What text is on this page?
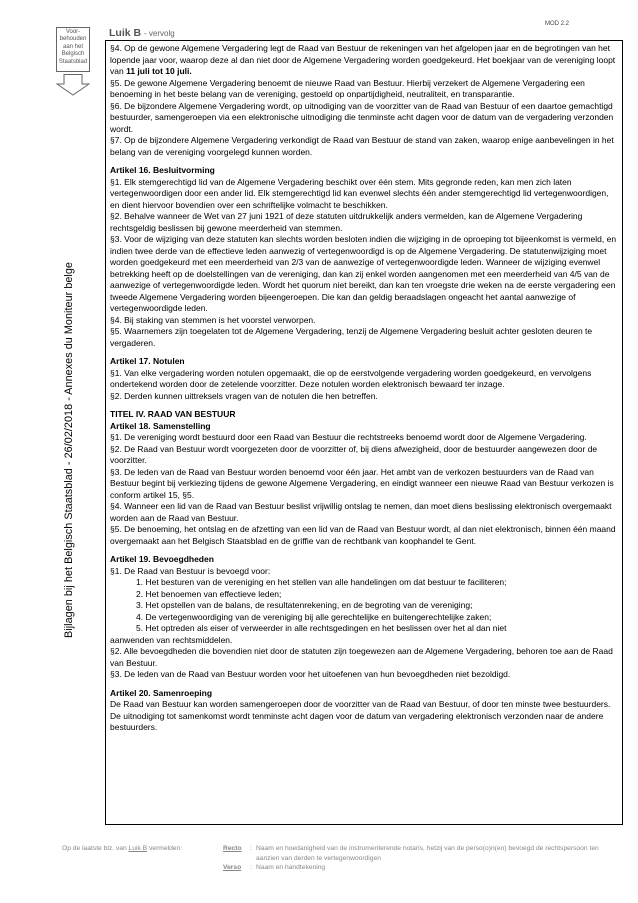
Voor-
behouden
aan het
Belgisch
Staatsblad
Bijlagen bij het Belgisch Staatsblad - 26/02/2018 - Annexes du Moniteur belge
Luik B - vervolg
MOD 2.2

§4. Op de gewone Algemene Vergadering legt de Raad van Bestuur de rekeningen van het afgelopen jaar en de begrotingen van het lopende jaar voor, waarop deze al dan niet door de Algemene Vergadering worden goedgekeurd. Het boekjaar van de vereniging loopt van 11 juli tot 10 juli.

§5. De gewone Algemene Vergadering benoemt de nieuwe Raad van Bestuur. Hierbij verzekert de Algemene Vergadering een benoeming in het beste belang van de vereniging, gestoeld op onpartijdigheid, neutraliteit, en transparantie.

§6. De bijzondere Algemene Vergadering wordt, op uitnodiging van de voorzitter van de Raad van Bestuur of een daartoe gemachtigd bestuurder, samengeroepen via een elektronische uitnodiging die tenminste acht dagen voor de datum van de vergadering verzonden wordt.

§7. Op de bijzondere Algemene Vergadering verkondigt de Raad van Bestuur de stand van zaken, waarop enige aanbevelingen in het belang van de vereniging voorgelegd kunnen worden.

Artikel 16. Besluitvorming

§1. Elk stemgerechtigd lid van de Algemene Vergadering beschikt over één stem. Mits gegronde reden, kan men zich laten vertegenwoordigen door een ander lid. Elk stemgerechtigd lid kan evenwel slechts één ander stemgerechtigd lid vertegenwoordigen, en dient hiervoor bovendien over een schriftelijke volmacht te beschikken.

§2. Behalve wanneer de Wet van 27 juni 1921 of deze statuten uitdrukkelijk anders vermelden, kan de Algemene Vergadering rechtsgeldig beslissen bij gewone meerderheid van stemmen.

§3. Voor de wijziging van deze statuten kan slechts worden besloten indien die wijziging in de oproeping tot bijeenkomst is vermeld, en indien twee derde van de effectieve leden aanwezig of vertegenwoordigd is op de Algemene Vergadering. De statutenwijziging moet worden goedgekeurd met een meerderheid van 2/3 van de aanwezige of vertegenwoordigde leden. Wanneer de wijziging evenwel betrekking heeft op de doelstellingen van de vereniging, dan kan zij enkel worden aangenomen met een meerderheid van 4/5 van de aanwezige of vertegenwoordigde leden. Wordt het quorum niet bereikt, dan kan ten vroegste drie weken na de eerste vergadering een tweede Algemene Vergadering worden bijeengeroepen. Die kan dan geldig beraadslagen ongeacht het aantal aanwezige of vertegenwoordigde leden.

§4. Bij staking van stemmen is het voorstel verworpen.

§5. Waarnemers zijn toegelaten tot de Algemene Vergadering, tenzij de Algemene Vergadering besluit achter gesloten deuren te vergaderen.

Artikel 17. Notulen

§1. Van elke vergadering worden notulen opgemaakt, die op de eerstvolgende vergadering worden goedgekeurd, en vervolgens ondertekend worden door de zetelende voorzitter. Deze notulen worden elektronisch bewaard ter inzage.

§2. Derden kunnen uittreksels vragen van de notulen die hen betreffen.

TITEL IV. RAAD VAN BESTUUR

Artikel 18. Samenstelling

§1. De vereniging wordt bestuurd door een Raad van Bestuur die rechtstreeks benoemd wordt door de Algemene Vergadering.

§2. De Raad van Bestuur wordt voorgezeten door de voorzitter of, bij diens afwezigheid, door de bestuurder aangewezen door de voorzitter.

§3. De leden van de Raad van Bestuur worden benoemd voor één jaar. Het ambt van de verkozen bestuurders van de Raad van Bestuur begint bij verkiezing tijdens de gewone Algemene Vergadering, en eindigt wanneer een nieuwe Raad van Bestuur verkozen is conform artikel 15, §5.

§4. Wanneer een lid van de Raad van Bestuur beslist vrijwillig ontslag te nemen, dan moet diens beslissing elektronisch overgemaakt worden aan de Raad van Bestuur.

§5. De benoeming, het ontslag en de afzetting van een lid van de Raad van Bestuur wordt, al dan niet elektronisch, binnen één maand overgemaakt aan het Belgisch Staatsblad en de griffie van de rechtbank van koophandel te Gent.

Artikel 19. Bevoegdheden

§1. De Raad van Bestuur is bevoegd voor:

1. Het besturen van de vereniging en het stellen van alle handelingen om dat bestuur te faciliteren;

2. Het benoemen van effectieve leden;

3. Het opstellen van de balans, de resultatenrekening, en de begroting van de vereniging;

4. De vertegenwoordiging van de vereniging bij alle gerechtelijke en buitengerechtelijke zaken;

5. Het optreden als eiser of verweerder in alle rechtsgedingen en het beslissen over het al dan niet

aanwenden van rechtsmiddelen.

§2. Alle bevoegdheden die bovendien niet door de statuten zijn toegewezen aan de Algemene Vergadering, behoren toe aan de Raad van Bestuur.

§3. De leden van de Raad van Bestuur worden voor het uitoefenen van hun bevoegdheden niet bezoldigd.

Artikel 20. Samenroeping

De Raad van Bestuur kan worden samengeroepen door de voorzitter van de Raad van Bestuur, of door ten minste twee bestuurders. De uitnodiging tot samenkomst wordt tenminste acht dagen voor de datum van vergadering elektronisch verzonden naar de andere bestuurders.

Op de laatste blz. van Luik B vermelden:	Recto	: Naam en hoedanigheid van de instrumenterende notaris, hetzij van de perso(o)n(en) bevoegd de rechtspersoon ten aanzien van derden te vertegenwoordigen
Verso	: Naam en handtekening
